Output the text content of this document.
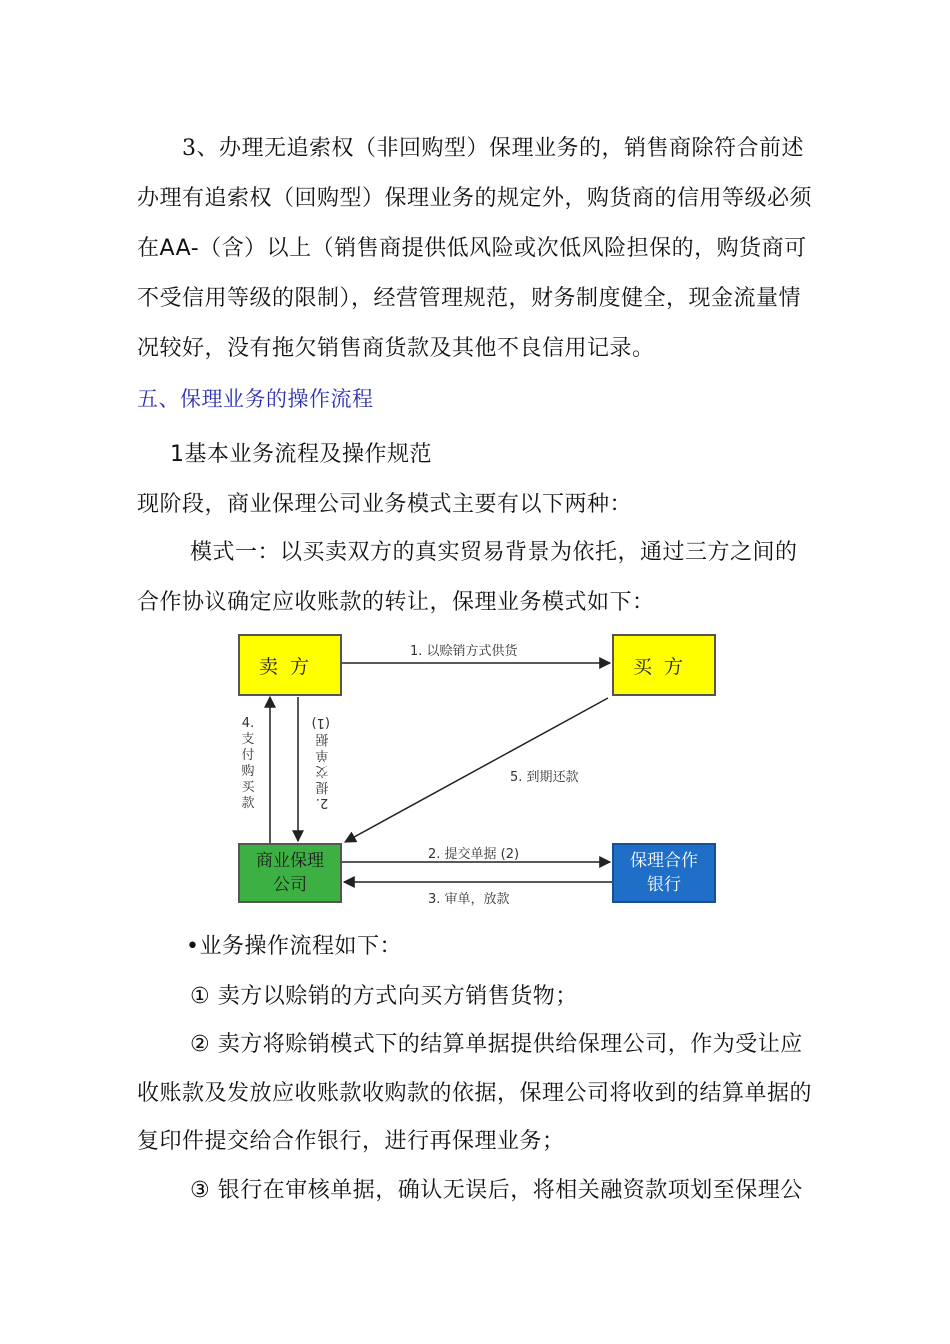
3、办理无追索权（非回购型）保理业务的，销售商除符合前述
办理有追索权（回购型）保理业务的规定外，购货商的信用等级必须
在AA-（含）以上（销售商提供低风险或次低风险担保的，购货商可
不受信用等级的限制），经营管理规范，财务制度健全，现金流量情
况较好，没有拖欠销售商货款及其他不良信用记录。
五、保理业务的操作流程
1基本业务流程及操作规范
现阶段，商业保理公司业务模式主要有以下两种：
模式一：以买卖双方的真实贸易背景为依托，通过三方之间的
合作协议确定应收账款的转让，保理业务模式如下：
卖方	买方
商业保理
公司
保理合作
银行
1. 以赊销方式供货
5. 到期还款
2. 提交单据 (2)
3. 审单，放款
4. 支付购买款	2. 提交单据 (1)
•业务操作流程如下：
① 卖方以赊销的方式向买方销售货物；
② 卖方将赊销模式下的结算单据提供给保理公司，作为受让应
收账款及发放应收账款收购款的依据，保理公司将收到的结算单据的
复印件提交给合作银行，进行再保理业务；
③ 银行在审核单据，确认无误后，将相关融资款项划至保理公
